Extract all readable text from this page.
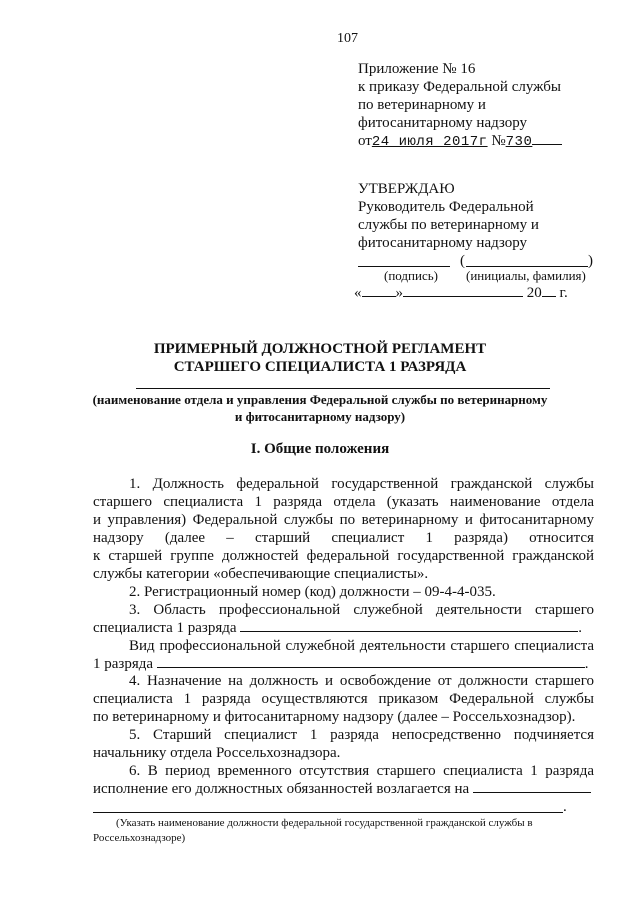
107
Приложение № 16
к приказу Федеральной службы
по ветеринарному и
фитосанитарному надзору
от24 июля 2017г №730
УТВЕРЖДАЮ
Руководитель Федеральной
службы по ветеринарному и
фитосанитарному надзору
(	)
(подпись) (инициалы, фамилия)
« »	20 г.
ПРИМЕРНЫЙ ДОЛЖНОСТНОЙ РЕГЛАМЕНТ
СТАРШЕГО СПЕЦИАЛИСТА 1 РАЗРЯДА
(наименование отдела и управления Федеральной службы по ветеринарному
и фитосанитарному надзору)
I. Общие положения
1. Должность федеральной государственной гражданской службы
старшего специалиста 1 разряда отдела (указать наименование отдела
и управления) Федеральной службы по ветеринарному и фитосанитарному
надзору (далее – старший специалист 1 разряда) относится
к старшей группе должностей федеральной государственной гражданской
службы категории «обеспечивающие специалисты».
2. Регистрационный номер (код) должности – 09-4-4-035.
3. Область профессиональной служебной деятельности старшего
специалиста 1 разряда	.
Вид профессиональной служебной деятельности старшего специалиста
1 разряда	.
4. Назначение на должность и освобождение от должности старшего
специалиста 1 разряда осуществляются приказом Федеральной службы
по ветеринарному и фитосанитарному надзору (далее – Россельхознадзор).
5. Старший специалист 1 разряда непосредственно подчиняется
начальнику отдела Россельхознадзора.
6. В период временного отсутствия старшего специалиста 1 разряда
исполнение его должностных обязанностей возлагается на
.
(Указать наименование должности федеральной государственной гражданской службы в
Россельхознадзоре)
